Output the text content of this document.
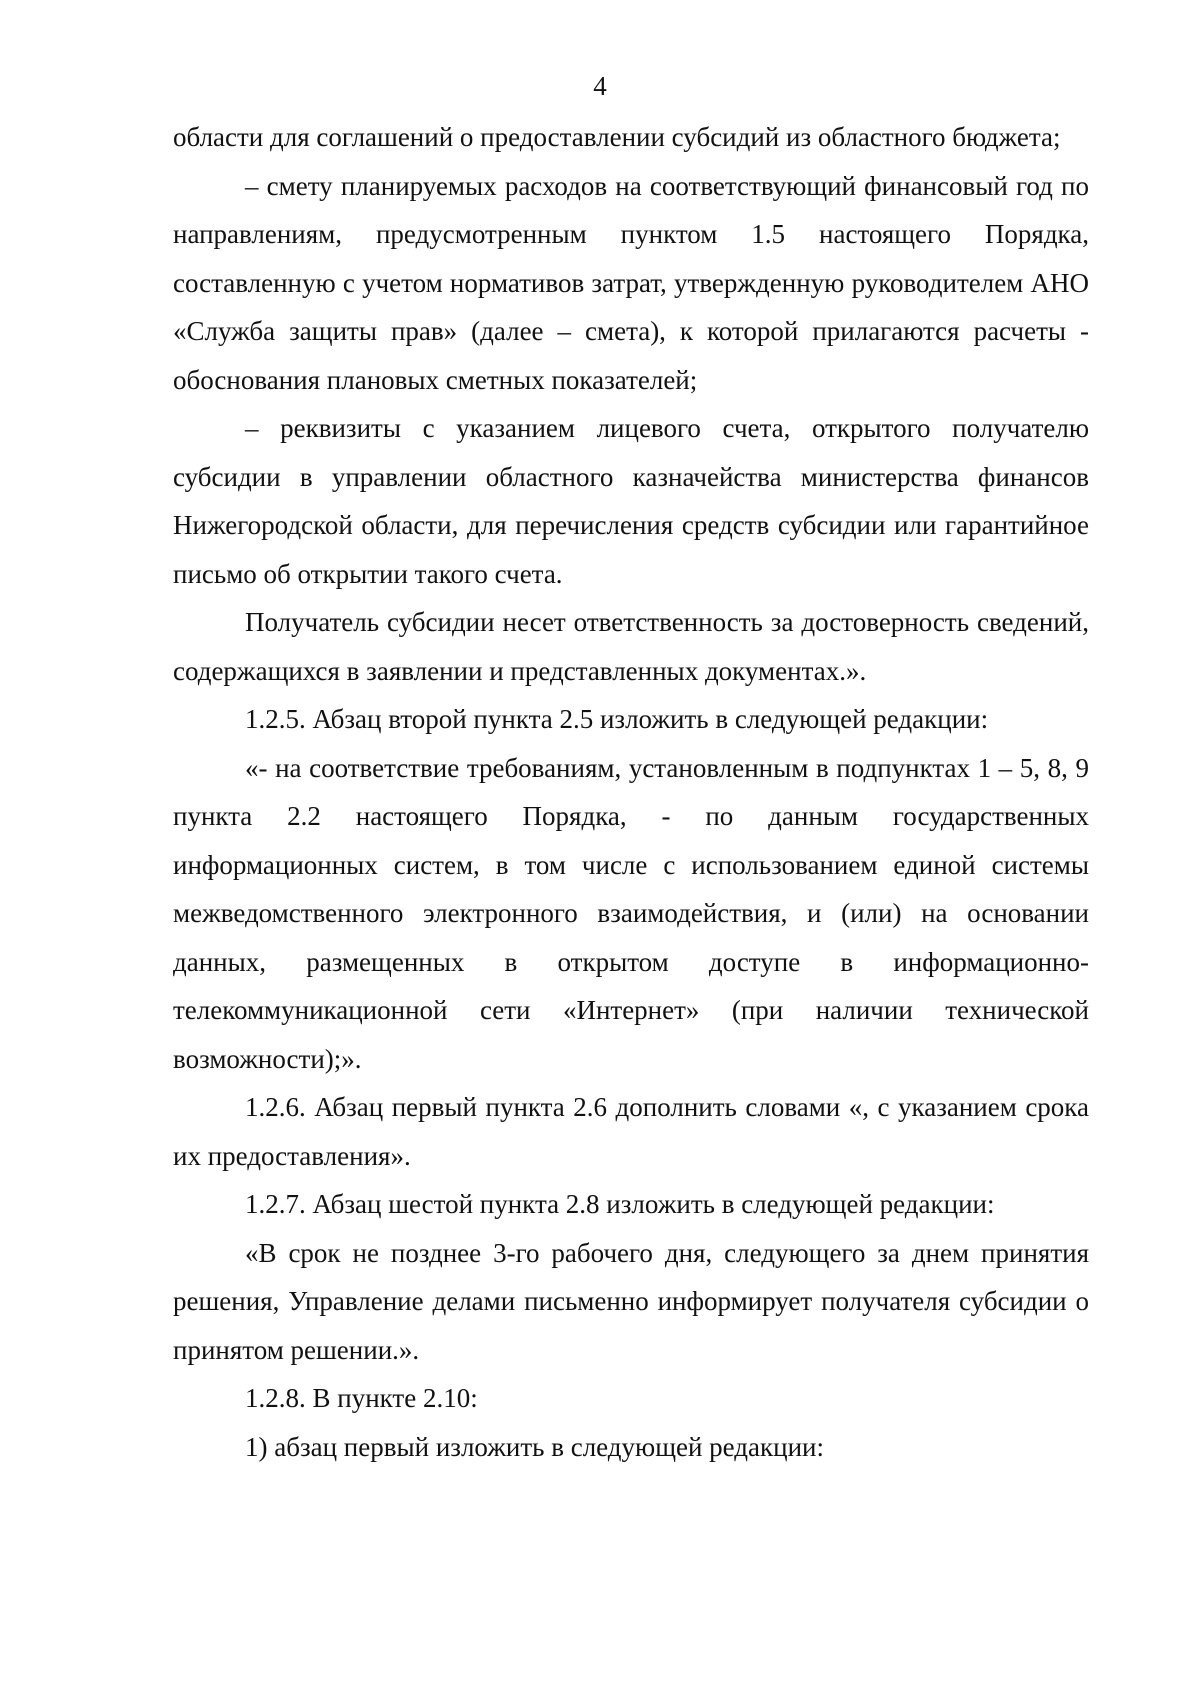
4

области для соглашений о предоставлении субсидий из областного бюджета;

– смету планируемых расходов на соответствующий финансовый год по направлениям, предусмотренным пунктом 1.5 настоящего Порядка, составленную с учетом нормативов затрат, утвержденную руководителем АНО «Служба защиты прав» (далее – смета), к которой прилагаются расчеты - обоснования плановых сметных показателей;

– реквизиты с указанием лицевого счета, открытого получателю субсидии в управлении областного казначейства министерства финансов Нижегородской области, для перечисления средств субсидии или гарантийное письмо об открытии такого счета.

Получатель субсидии несет ответственность за достоверность сведений, содержащихся в заявлении и представленных документах.».

1.2.5. Абзац второй пункта 2.5 изложить в следующей редакции:

«- на соответствие требованиям, установленным в подпунктах 1 – 5, 8, 9 пункта 2.2 настоящего Порядка, - по данным государственных информационных систем, в том числе с использованием единой системы межведомственного электронного взаимодействия, и (или) на основании данных, размещенных в открытом доступе в информационно-телекоммуникационной сети «Интернет» (при наличии технической возможности);».

1.2.6. Абзац первый пункта 2.6 дополнить словами «, с указанием срока их предоставления».

1.2.7. Абзац шестой пункта 2.8 изложить в следующей редакции:

«В срок не позднее 3-го рабочего дня, следующего за днем принятия решения, Управление делами письменно информирует получателя субсидии о принятом решении.».

1.2.8. В пункте 2.10:

1) абзац первый изложить в следующей редакции:
